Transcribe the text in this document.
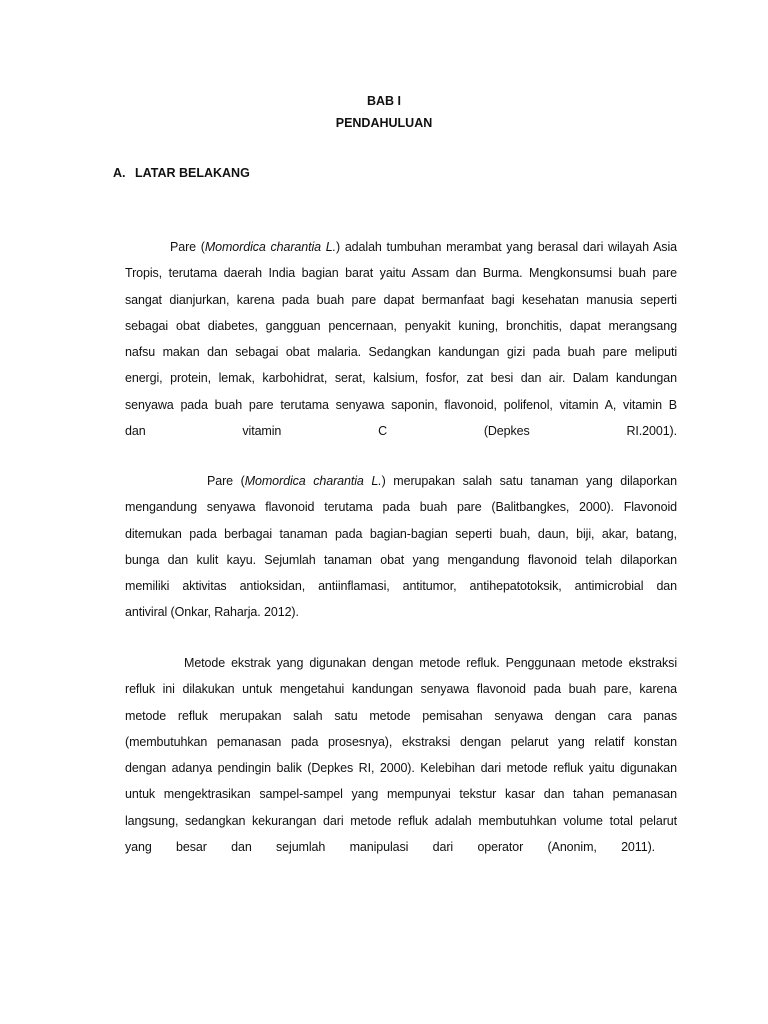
BAB I
PENDAHULUAN
A. LATAR BELAKANG
Pare (Momordica charantia L.) adalah tumbuhan merambat yang berasal dari wilayah Asia
Tropis, terutama daerah India bagian barat yaitu Assam dan Burma. Mengkonsumsi buah pare
sangat dianjurkan, karena pada buah pare dapat bermanfaat bagi kesehatan manusia seperti
sebagai obat diabetes, gangguan pencernaan, penyakit kuning, bronchitis, dapat merangsang
nafsu makan dan sebagai obat malaria. Sedangkan kandungan gizi pada buah pare meliputi
energi, protein, lemak, karbohidrat, serat, kalsium, fosfor, zat besi dan air. Dalam kandungan
senyawa pada buah pare terutama senyawa saponin, flavonoid, polifenol, vitamin A, vitamin B
dan vitamin C (Depkes RI.2001).
Pare (Momordica charantia L.) merupakan salah satu tanaman yang dilaporkan
mengandung senyawa flavonoid terutama pada buah pare (Balitbangkes, 2000). Flavonoid
ditemukan pada berbagai tanaman pada bagian-bagian seperti buah, daun, biji, akar, batang,
bunga dan kulit kayu. Sejumlah tanaman obat yang mengandung flavonoid telah dilaporkan
memiliki aktivitas antioksidan, antiinflamasi, antitumor, antihepatotoksik, antimicrobial dan
antiviral (Onkar, Raharja. 2012).
Metode ekstrak yang digunakan dengan metode refluk. Penggunaan metode ekstraksi
refluk ini dilakukan untuk mengetahui kandungan senyawa flavonoid pada buah pare, karena
metode refluk merupakan salah satu metode pemisahan senyawa dengan cara panas
(membutuhkan pemanasan pada prosesnya), ekstraksi dengan pelarut yang relatif konstan
dengan adanya pendingin balik (Depkes RI, 2000). Kelebihan dari metode refluk yaitu digunakan
untuk mengektrasikan sampel-sampel yang mempunyai tekstur kasar dan tahan pemanasan
langsung, sedangkan kekurangan dari metode refluk adalah membutuhkan volume total pelarut
yang besar dan sejumlah manipulasi dari operator (Anonim, 2011).
